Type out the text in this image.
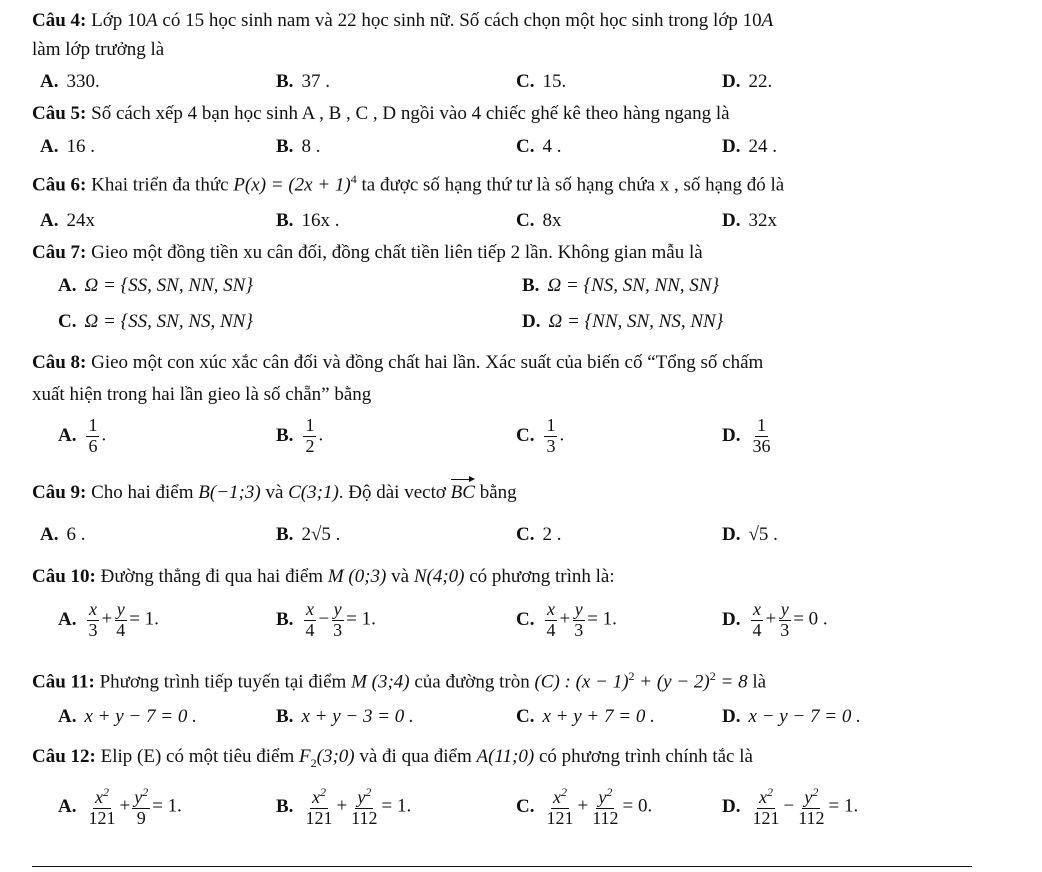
Câu 4: Lớp 10A có 15 học sinh nam và 22 học sinh nữ. Số cách chọn một học sinh trong lớp 10A
làm lớp trưởng là
A. 330.	B. 37 .	C. 15.	D. 22.
Câu 5: Số cách xếp 4 bạn học sinh A , B , C , D ngồi vào 4 chiếc ghế kê theo hàng ngang là
A. 16 .	B. 8 .	C. 4 .	D. 24 .
Câu 6: Khai triển đa thức $P(x) = (2x + 1)^4$ ta được số hạng thứ tư là số hạng chứa x , số hạng đó là
A. 24x	B. 16x .	C. 8x	D. 32x
Câu 7: Gieo một đồng tiền xu cân đối, đồng chất tiền liên tiếp 2 lần. Không gian mẫu là
A. Ω = {SS, SN, NN, SN}	B. Ω = {NS, SN, NN, SN}
C. Ω = {SS, SN, NS, NN}	D. Ω = {NN, SN, NS, NN}
Câu 8: Gieo một con xúc xắc cân đối và đồng chất hai lần. Xác suất của biến cố “Tổng số chấm
xuất hiện trong hai lần gieo là số chẵn” bằng
A. $\frac{1}{6}$ .	B. $\frac{1}{2}$ .	C. $\frac{1}{3}$ .	D. $\frac{1}{36}$
Câu 9: Cho hai điểm B(−1;3) và C(3;1). Độ dài vectơ BC bằng
A. 6 .	B. 2√5 .	C. 2 .	D. √5 .
Câu 10: Đường thẳng đi qua hai điểm M (0;3) và N(4;0) có phương trình là:
A. $\frac{x}{3} + \frac{y}{4} = 1$.	B. $\frac{x}{4} - \frac{y}{3} = 1$.	C. $\frac{x}{4} + \frac{y}{3} = 1$.	D. $\frac{x}{4} + \frac{y}{3} = 0$ .
Câu 11: Phương trình tiếp tuyến tại điểm M (3;4) của đường tròn (C) : $(x - 1)^2 + (y - 2)^2 = 8$ là
A. x + y − 7 = 0 .	B. x + y − 3 = 0 .	C. x + y + 7 = 0 .	D. x − y − 7 = 0 .
Câu 12: Elip (E) có một tiêu điểm $F_2(3;0)$ và đi qua điểm A(11;0) có phương trình chính tắc là
A. $\frac{x^2}{121} + \frac{y^2}{9} = 1$.	B. $\frac{x^2}{121} + \frac{y^2}{112} = 1$.	C. $\frac{x^2}{121} + \frac{y^2}{112} = 0$.	D. $\frac{x^2}{121} - \frac{y^2}{112} = 1$.
